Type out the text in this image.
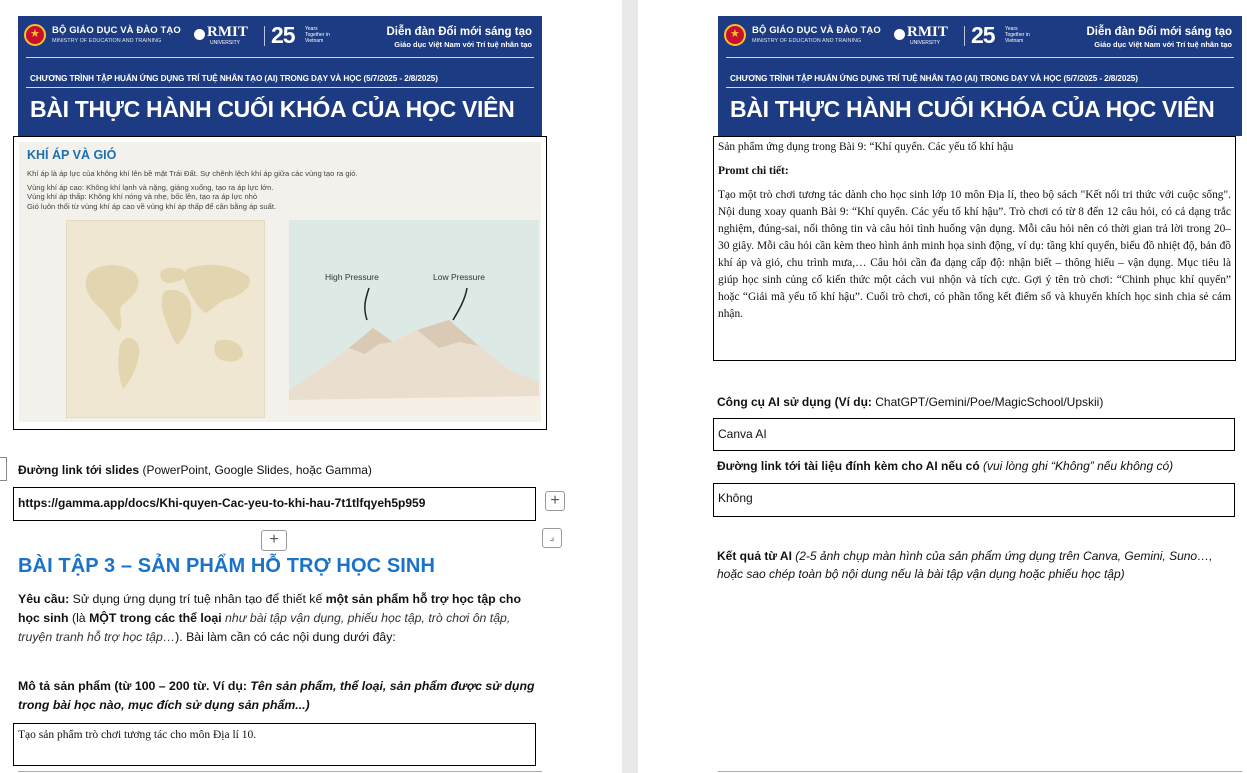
★
BỘ GIÁO DỤC VÀ ĐÀO TẠO
MINISTRY OF EDUCATION AND TRAINING
RMIT
UNIVERSITY 25 Years Together in Vietnam
Diễn đàn Đổi mới sáng tạo
Giáo dục Việt Nam với Trí tuệ nhân tạo
CHƯƠNG TRÌNH TẬP HUẤN ỨNG DỤNG TRÍ TUỆ NHÂN TẠO (AI) TRONG DẠY VÀ HỌC (5/7/2025 - 2/8/2025)
BÀI THỰC HÀNH CUỐI KHÓA CỦA HỌC VIÊN
KHÍ ÁP VÀ GIÓ
Khí áp là áp lực của không khí lên bề mặt Trái Đất. Sự chênh lệch khí áp giữa các vùng tạo ra gió.
Vùng khí áp cao: Không khí lạnh và nặng, giáng xuống, tạo ra áp lực lớn.
Vùng khí áp thấp: Không khí nóng và nhẹ, bốc lên, tạo ra áp lực nhỏ
Gió luôn thổi từ vùng khí áp cao về vùng khí áp thấp để cân bằng áp suất.
High Pressure	Low Pressure
Đường link tới slides (PowerPoint, Google Slides, hoặc Gamma)
https://gamma.app/docs/Khi-quyen-Cac-yeu-to-khi-hau-7t1tlfqyeh5p959	+
+	⌟
BÀI TẬP 3 – SẢN PHẨM HỖ TRỢ HỌC SINH
Yêu cầu: Sử dụng ứng dụng trí tuệ nhân tạo để thiết kế một sản phẩm hỗ trợ học tập cho học sinh (là MỘT trong các thể loại như bài tập vận dụng, phiếu học tập, trò chơi ôn tập, truyện tranh hỗ trợ học tập…). Bài làm cần có các nội dung dưới đây:
Mô tả sản phẩm (từ 100 – 200 từ. Ví dụ: Tên sản phẩm, thể loại, sản phẩm được sử dụng trong bài học nào, mục đích sử dụng sản phẩm...)
Tạo sản phẩm trò chơi tương tác cho môn Địa lí 10.
★
BỘ GIÁO DỤC VÀ ĐÀO TẠO
MINISTRY OF EDUCATION AND TRAINING
RMIT
UNIVERSITY 25 Years Together in Vietnam
Diễn đàn Đổi mới sáng tạo
Giáo dục Việt Nam với Trí tuệ nhân tạo
CHƯƠNG TRÌNH TẬP HUẤN ỨNG DỤNG TRÍ TUỆ NHÂN TẠO (AI) TRONG DẠY VÀ HỌC (5/7/2025 - 2/8/2025)
BÀI THỰC HÀNH CUỐI KHÓA CỦA HỌC VIÊN

Sản phẩm ứng dụng trong Bài 9: “Khí quyển. Các yếu tố khí hậu

Promt chi tiết:

Tạo một trò chơi tương tác dành cho học sinh lớp 10 môn Địa lí, theo bộ sách "Kết nối tri thức với cuộc sống". Nội dung xoay quanh Bài 9: “Khí quyển. Các yếu tố khí hậu”. Trò chơi có từ 8 đến 12 câu hỏi, có cả dạng trắc nghiệm, đúng-sai, nối thông tin và câu hỏi tình huống vận dụng. Mỗi câu hỏi nên có thời gian trả lời trong 20–30 giây. Mỗi câu hỏi cần kèm theo hình ảnh minh họa sinh động, ví dụ: tầng khí quyển, biểu đồ nhiệt độ, bản đồ khí áp và gió, chu trình mưa,… Câu hỏi cần đa dạng cấp độ: nhận biết – thông hiểu – vận dụng. Mục tiêu là giúp học sinh củng cố kiến thức một cách vui nhộn và tích cực. Gợi ý tên trò chơi: “Chinh phục khí quyển” hoặc “Giải mã yếu tố khí hậu”. Cuối trò chơi, có phần tổng kết điểm số và khuyến khích học sinh chia sẻ cảm nhận.

Công cụ AI sử dụng (Ví dụ: ChatGPT/Gemini/Poe/MagicSchool/Upskii)
Canva AI
Đường link tới tài liệu đính kèm cho AI nếu có (vui lòng ghi “Không” nếu không có)
Không
Kết quả từ AI (2-5 ảnh chụp màn hình của sản phẩm ứng dụng trên Canva, Gemini, Suno…, hoặc sao chép toàn bộ nội dung nếu là bài tập vận dụng hoặc phiếu học tập)
